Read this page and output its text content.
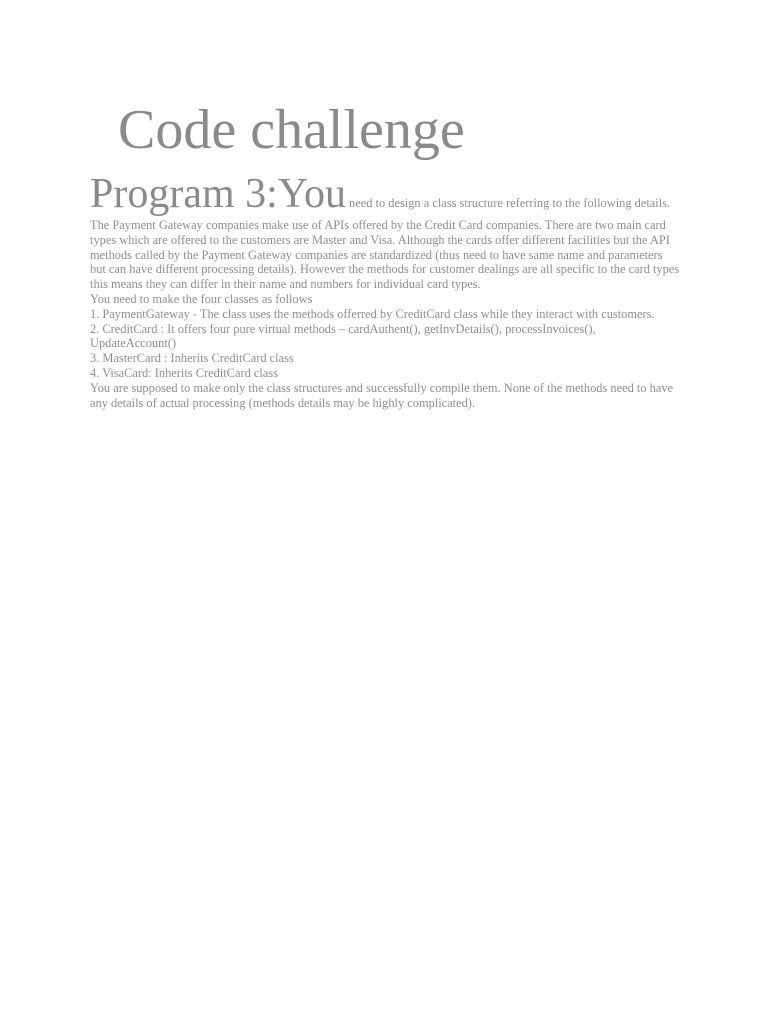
Code challenge

Program 3:You need to design a class structure referring to the following details.

The Payment Gateway companies make use of APIs offered by the Credit Card companies. There are two main card types which are offered to the customers are Master and Visa. Although the cards offer different facilities but the API methods called by the Payment Gateway companies are standardized (thus need to have same name and parameters but can have different processing details). However the methods for customer dealings are all specific to the card types this means they can differ in their name and numbers for individual card types.

You need to make the four classes as follows

1. PaymentGateway - The class uses the methods offerred by CreditCard class while they interact with customers.

2. CreditCard : It offers four pure virtual methods – cardAuthent(), getInvDetails(), processInvoices(), UpdateAccount()

3. MasterCard : Inherits CreditCard class

4. VisaCard: Inherits CreditCard class

You are supposed to make only the class structures and successfully compile them. None of the methods need to have any details of actual processing (methods details may be highly complicated).
